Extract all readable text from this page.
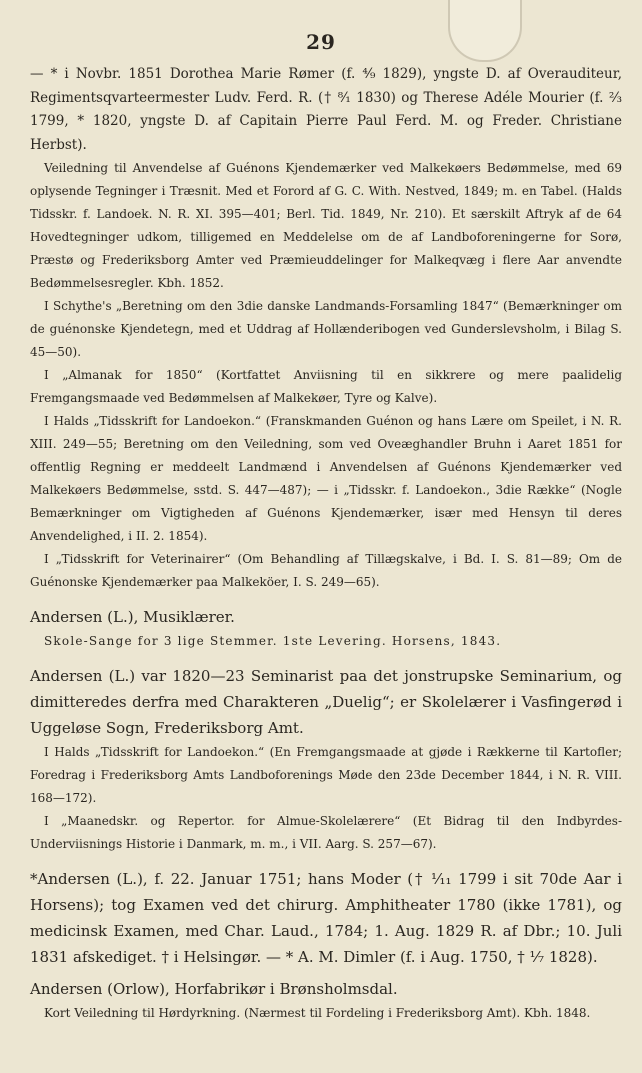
29

— * i Novbr. 1851 Dorothea Marie Rømer (f. ⁴⁄₉ 1829), yngste D. af Overauditeur, Regimentsqvarteermester Ludv. Ferd. R. († ⁸⁄₁ 1830) og Therese Adéle Mourier (f. ²⁄₃ 1799, * 1820, yngste D. af Capitain Pierre Paul Ferd. M. og Freder. Christiane Herbst).

Veiledning til Anvendelse af Guénons Kjendemærker ved Malkekøers Bedømmelse, med 69 oplysende Tegninger i Træsnit. Med et Forord af G. C. With. Nestved, 1849; m. en Tabel. (Halds Tidsskr. f. Landoek. N. R. XI. 395—401; Berl. Tid. 1849, Nr. 210). Et særskilt Aftryk af de 64 Hovedtegninger udkom, tilligemed en Meddelelse om de af Landboforeningerne for Sorø, Præstø og Frederiksborg Amter ved Præmieuddelinger for Malkeqvæg i flere Aar anvendte Bedømmelsesregler. Kbh. 1852.

I Schythe's „Beretning om den 3die danske Landmands-Forsamling 1847“ (Bemærkninger om de guénonske Kjendetegn, med et Uddrag af Hollænderibogen ved Gunderslevsholm, i Bilag S. 45—50).

I „Almanak for 1850“ (Kortfattet Anviisning til en sikkrere og mere paalidelig Fremgangsmaade ved Bedømmelsen af Malkekøer, Tyre og Kalve).

I Halds „Tidsskrift for Landoekon.“ (Franskmanden Guénon og hans Lære om Speilet, i N. R. XIII. 249—55; Beretning om den Veiledning, som ved Oveæghandler Bruhn i Aaret 1851 for offentlig Regning er meddeelt Landmænd i Anvendelsen af Guénons Kjendemærker ved Malkekøers Bedømmelse, sstd. S. 447—487); — i „Tidsskr. f. Landoekon., 3die Række“ (Nogle Bemærkninger om Vigtigheden af Guénons Kjendemærker, især med Hensyn til deres Anvendelighed, i II. 2. 1854).

I „Tidsskrift for Veterinairer“ (Om Behandling af Tillægskalve, i Bd. I. S. 81—89; Om de Guénonske Kjendemærker paa Malkeköer, I. S. 249—65).

Andersen (L.), Musiklærer.

Skole-Sange for 3 lige Stemmer. 1ste Levering. Horsens, 1843.

Andersen (L.) var 1820—23 Seminarist paa det jonstrupske Seminarium, og dimitteredes derfra med Charakteren „Duelig“; er Skolelærer i Vasfingerød i Uggeløse Sogn, Frederiksborg Amt.

I Halds „Tidsskrift for Landoekon.“ (En Fremgangsmaade at gjøde i Rækkerne til Kartofler; Foredrag i Frederiksborg Amts Landboforenings Møde den 23de December 1844, i N. R. VIII. 168—172).

I „Maanedskr. og Repertor. for Almue-Skolelærere“ (Et Bidrag til den Indbyrdes-Underviisnings Historie i Danmark, m. m., i VII. Aarg. S. 257—67).

*Andersen (L.), f. 22. Januar 1751; hans Moder († ¹⁄₁₁ 1799 i sit 70de Aar i Horsens); tog Examen ved det chirurg. Amphitheater 1780 (ikke 1781), og medicinsk Examen, med Char. Laud., 1784; 1. Aug. 1829 R. af Dbr.; 10. Juli 1831 afskediget. † i Helsingør. — * A. M. Dimler (f. i Aug. 1750, † ¹⁄₇ 1828).

Andersen (Orlow), Horfabrikør i Brønsholmsdal.

Kort Veiledning til Hørdyrkning. (Nærmest til Fordeling i Frederiksborg Amt). Kbh. 1848.
